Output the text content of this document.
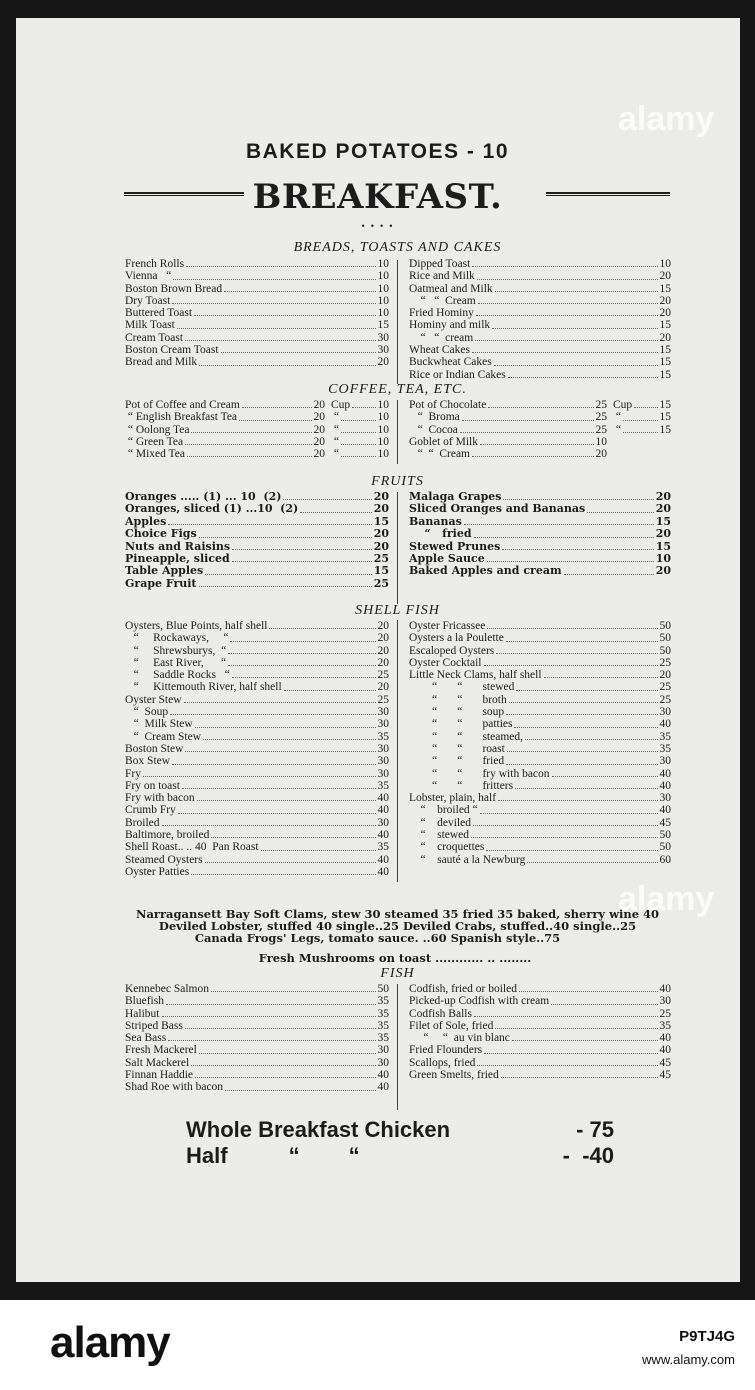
alamy
alamy
BAKED POTATOES - 10
BREAKFAST.
• • • •
BREADS, TOASTS AND CAKES
French Rolls	10
Vienna   “	10
Boston Brown Bread	10
Dry Toast	10
Buttered Toast	10
Milk Toast	15
Cream Toast	30
Boston Cream Toast	30
Bread and Milk	20
Dipped Toast	10
Rice and Milk	20
Oatmeal and Milk	15
“   “  Cream	20
Fried Hominy	20
Hominy and milk	15
“   “  cream	20
Wheat Cakes	15
Buckwheat Cakes	15
Rice or Indian Cakes	15
COFFEE, TEA, ETC.
Pot of Coffee and Cream	20 Cup 10
“ English Breakfast Tea	20 “	10
“ Oolong Tea	20 “	10
“ Green Tea	20 “	10
“ Mixed Tea	20 “	10
Pot of Chocolate	25 Cup 15
“  Broma	25 “	15
“  Cocoa	25 “	15
Goblet of Milk	10
“  “  Cream	20
FRUITS
Oranges ..... (1) ... 10  (2)	20
Oranges, sliced (1) ...10  (2)	20
Apples	15
Choice Figs	20
Nuts and Raisins	20
Pineapple, sliced	25
Table Apples	15
Grape Fruit	25
Malaga Grapes	20
Sliced Oranges and Bananas	20
Bananas	15
“   fried	20
Stewed Prunes	15
Apple Sauce	10
Baked Apples and cream	20
SHELL FISH
Oysters, Blue Points, half shell	20
“     Rockaways,     “	20
“     Shrewsburys,  “	20
“     East River,      “	20
“     Saddle Rocks   “	25
“     Kittemouth River, half shell	20
Oyster Stew	25
“  Soup	30
“  Milk Stew	30
“  Cream Stew	35
Boston Stew	30
Box Stew	30
Fry	30
Fry on toast	35
Fry with bacon	40
Crumb Fry	40
Broiled	30
Baltimore, broiled	40
Shell Roast.. .. 40  Pan Roast	35
Steamed Oysters	40
Oyster Patties	40
Oyster Fricassee	50
Oysters a la Poulette	50
Escaloped Oysters	50
Oyster Cocktail	25
Little Neck Clams, half shell	20
“       “       stewed	25
“       “       broth	25
“       “       soup	30
“       “       patties	40
“       “       steamed,	35
“       “       roast	35
“       “       fried	30
“       “       fry with bacon	40
“       “       fritters	40
Lobster, plain, half	30
“    broiled “	40
“    deviled	45
“    stewed	50
“    croquettes	50
“    sauté a la Newburg	60
Narragansett Bay Soft Clams, stew 30 steamed 35 fried 35 baked, sherry wine 40
Deviled Lobster, stuffed 40 single..25 Deviled Crabs, stuffed..40 single..25
Canada Frogs' Legs, tomato sauce. ..60 Spanish style..75
Fresh Mushrooms on toast ............ .. ........
FISH
Kennebec Salmon	50
Bluefish	35
Halibut	35
Striped Bass	35
Sea Bass	35
Fresh Mackerel	30
Salt Mackerel	30
Finnan Haddie	40
Shad Roe with bacon	40
Codfish, fried or boiled	40
Picked-up Codfish with cream	30
Codfish Balls	25
Filet of Sole, fried	35
“     “  au vin blanc	40
Fried Flounders	40
Scallops, fried	45
Green Smelts, fried	45
Whole Breakfast Chicken	- 75
Half          “        “	-  -40
alamy	P9TJ4G
www.alamy.com
